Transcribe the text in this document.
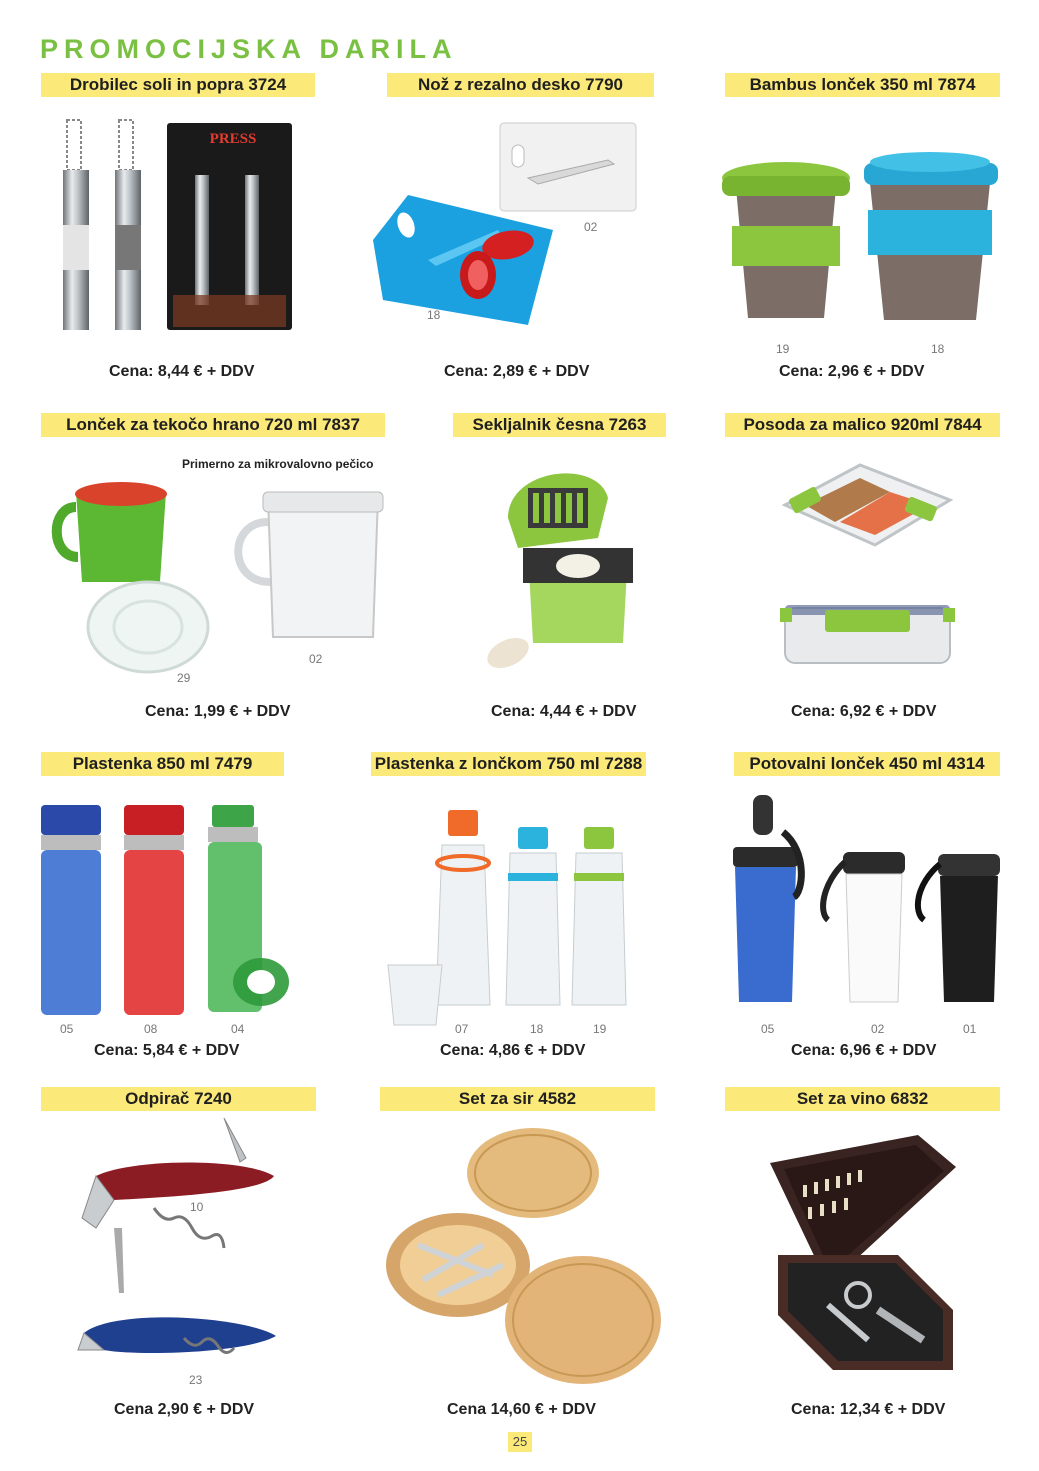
PROMOCIJSKA DARILA
Drobilec soli in popra 3724
PRESS
Cena: 8,44 € + DDV
Nož z rezalno desko 7790
02
18
Cena: 2,89 € + DDV
Bambus lonček 350 ml 7874
19	18
Cena: 2,96 € + DDV
Lonček za tekočo hrano 720 ml 7837
Primerno za mikrovalovno pečico
29
02
Cena: 1,99 € + DDV
Sekljalnik česna 7263
Cena: 4,44 € + DDV
Posoda za malico 920ml 7844
Cena: 6,92 € + DDV
Plastenka 850 ml 7479
05	08	04
Cena: 5,84 € + DDV
Plastenka z lončkom 750 ml 7288
07	18	19
Cena: 4,86 € + DDV
Potovalni lonček 450 ml 4314
05	02	01
Cena: 6,96 € + DDV
Odpirač 7240
10
23
Cena 2,90 € + DDV
Set za sir 4582
Cena 14,60 € + DDV
Set za vino 6832
Cena: 12,34 € + DDV
25
